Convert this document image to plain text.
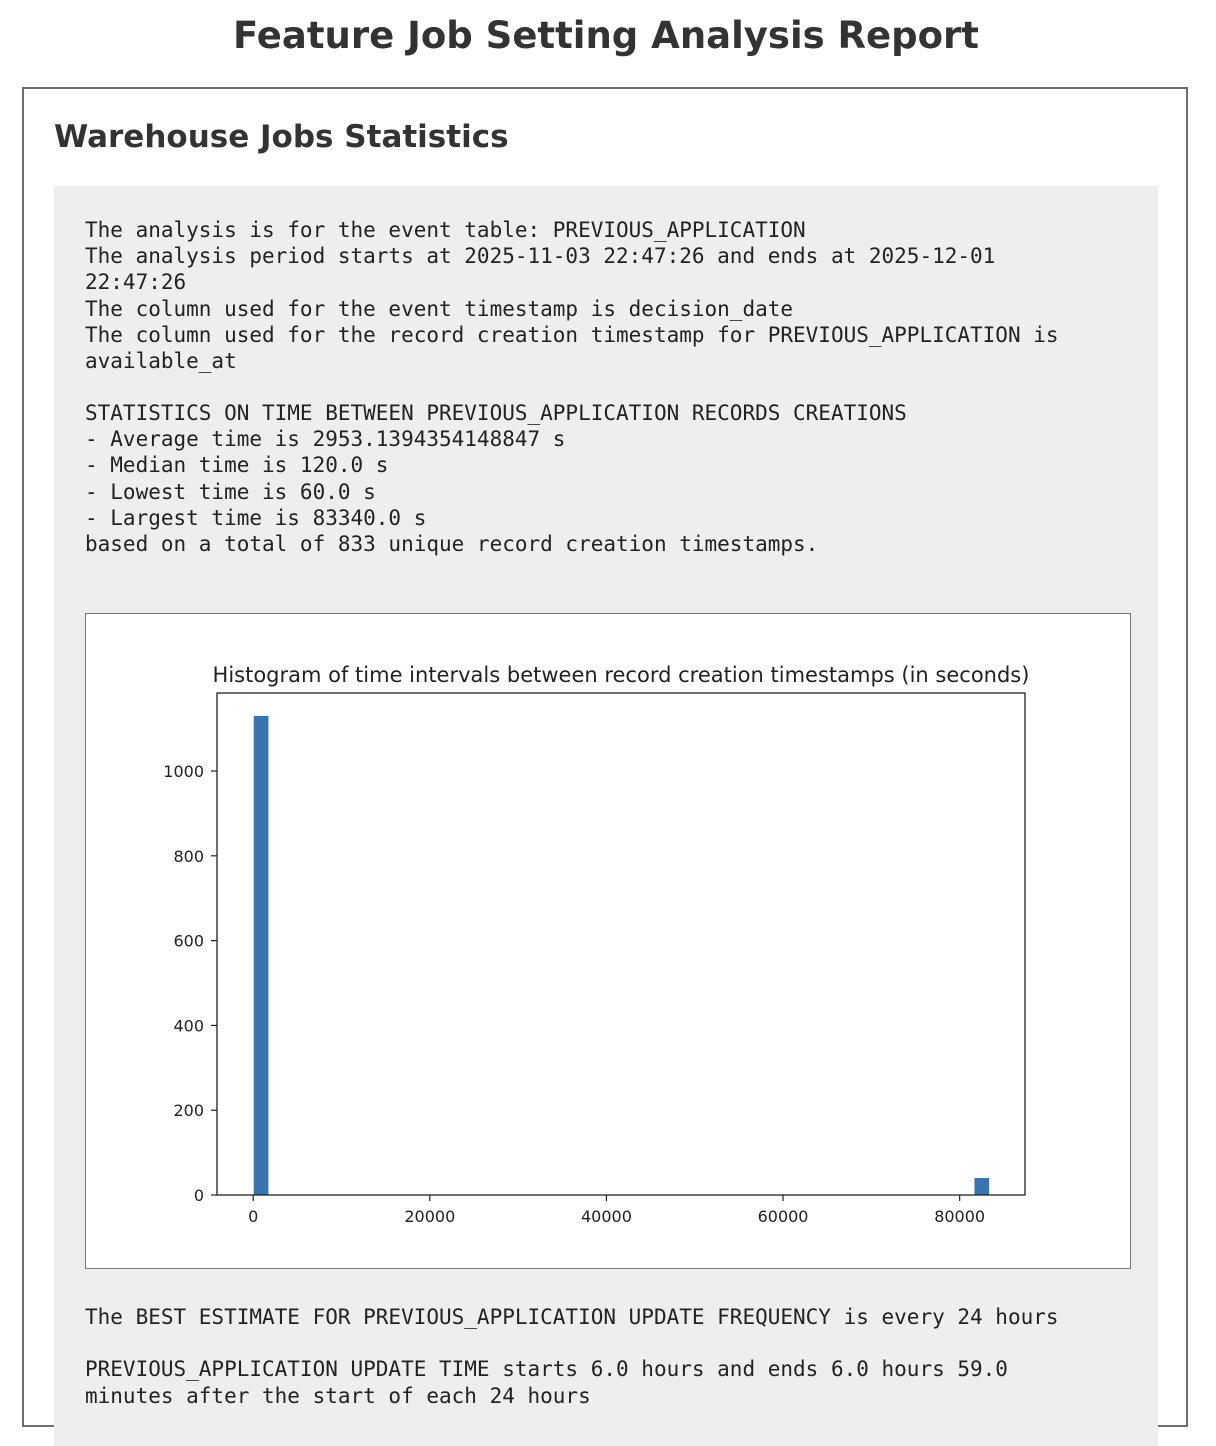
Feature Job Setting Analysis Report
Warehouse Jobs Statistics
The analysis is for the event table: PREVIOUS_APPLICATION
The analysis period starts at 2025-11-03 22:47:26 and ends at 2025-12-01
22:47:26
The column used for the event timestamp is decision_date
The column used for the record creation timestamp for PREVIOUS_APPLICATION is
available_at
STATISTICS ON TIME BETWEEN PREVIOUS_APPLICATION RECORDS CREATIONS
- Average time is 2953.1394354148847 s
- Median time is 120.0 s
- Lowest time is 60.0 s
- Largest time is 83340.0 s
based on a total of 833 unique record creation timestamps.
Histogram of time intervals between record creation timestamps (in seconds)
0	20000	40000	60000	80000
0
200
400
600
800
1000
The BEST ESTIMATE FOR PREVIOUS_APPLICATION UPDATE FREQUENCY is every 24 hours

PREVIOUS_APPLICATION UPDATE TIME starts 6.0 hours and ends 6.0 hours 59.0
minutes after the start of each 24 hours
